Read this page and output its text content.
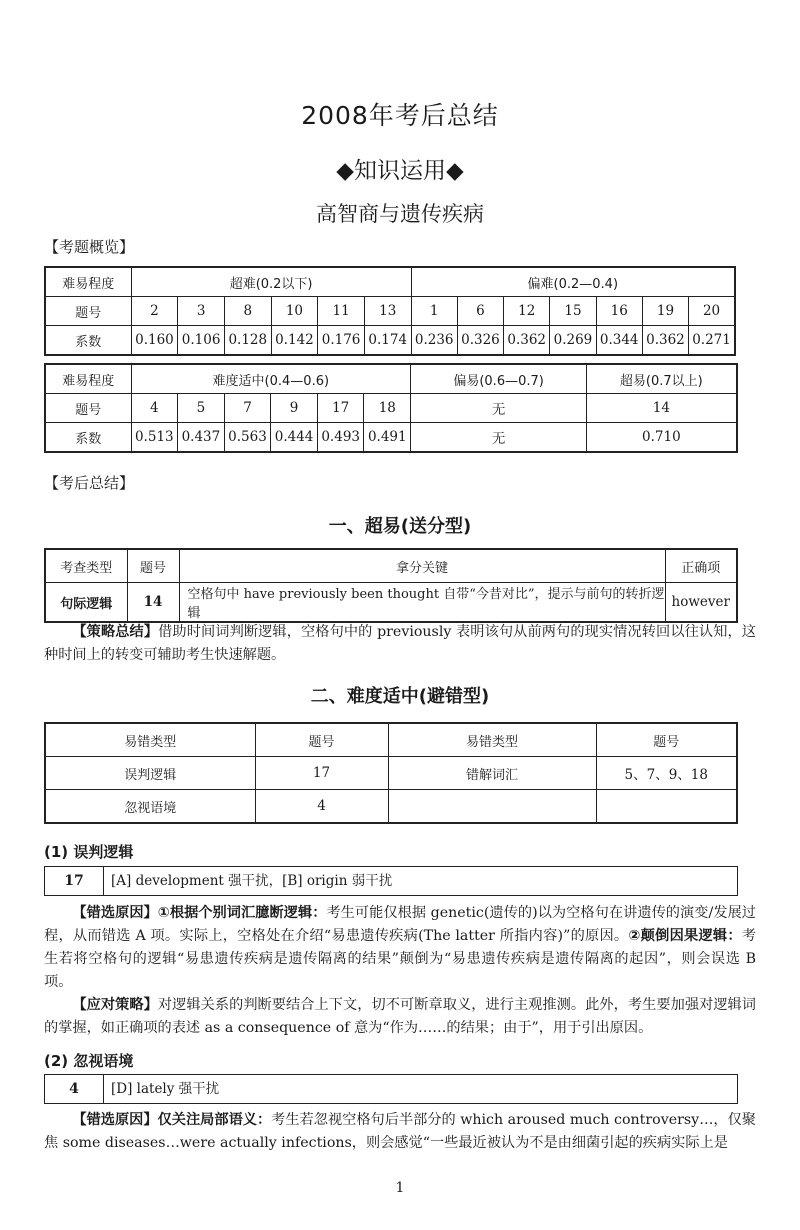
2008年考后总结
◆知识运用◆
高智商与遗传疾病
【考题概览】
难易程度	超难(0.2以下)						偏难(0.2—0.4)						
题号	2	3	8	10	11	13	1	6	12	15	16	19	20
系数	0.160	0.106	0.128	0.142	0.176	0.174	0.236	0.326	0.362	0.269	0.344	0.362	0.271
难易程度	难度适中(0.4—0.6)						偏易(0.6—0.7)	超易(0.7以上)
题号	4	5	7	9	17	18	无	14
系数	0.513	0.437	0.563	0.444	0.493	0.491	无	0.710
【考后总结】
一、超易(送分型)
考查类型	题号	拿分关键	正确项
句际逻辑	14	空格句中 have previously been thought 自带“今昔对比”，提示与前句的转折逻辑	however
【策略总结】借助时间词判断逻辑，空格句中的 previously 表明该句从前两句的现实情况转回以往认知，这种时间上的转变可辅助考生快速解题。
二、难度适中(避错型)
易错类型	题号	易错类型	题号
误判逻辑	17	错解词汇	5、7、9、18
忽视语境	4		
(1) 误判逻辑
17	[A] development 强干扰，[B] origin 弱干扰
【错选原因】①根据个别词汇臆断逻辑：考生可能仅根据 genetic(遗传的)以为空格句在讲遗传的演变/发展过程，从而错选 A 项。实际上，空格处在介绍“易患遗传疾病(The latter 所指内容)”的原因。②颠倒因果逻辑：考生若将空格句的逻辑“易患遗传疾病是遗传隔离的结果”颠倒为“易患遗传疾病是遗传隔离的起因”，则会误选 B 项。
【应对策略】对逻辑关系的判断要结合上下文，切不可断章取义，进行主观推测。此外，考生要加强对逻辑词的掌握，如正确项的表述 as a consequence of 意为“作为……的结果；由于”，用于引出原因。
(2) 忽视语境
4	[D] lately 强干扰
【错选原因】仅关注局部语义：考生若忽视空格句后半部分的 which aroused much controversy…，仅聚焦 some diseases…were actually infections，则会感觉“一些最近被认为不是由细菌引起的疾病实际上是
1
